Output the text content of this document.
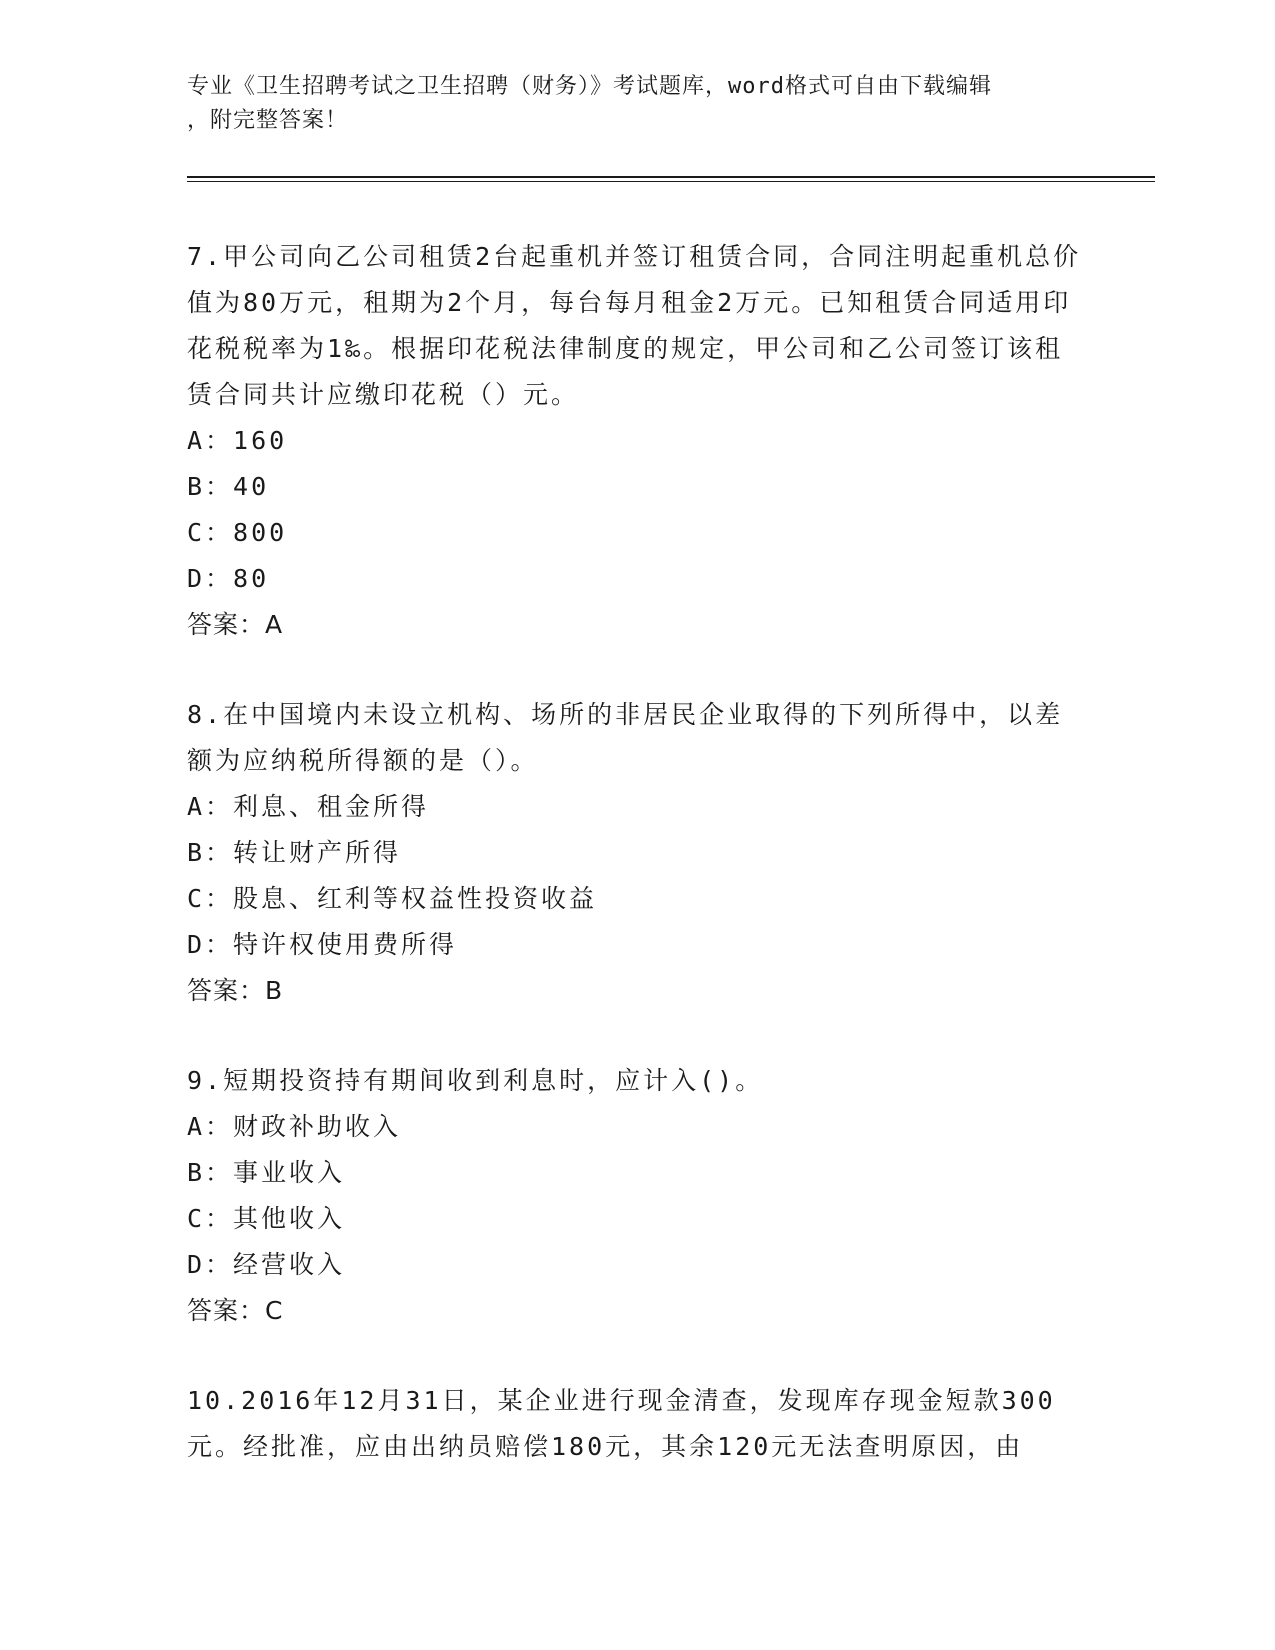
专业《卫生招聘考试之卫生招聘（财务）》考试题库，word格式可自由下载编辑
，附完整答案！

7.甲公司向乙公司租赁2台起重机并签订租赁合同，合同注明起重机总价值为80万元，租期为2个月，每台每月租金2万元。已知租赁合同适用印花税税率为1‰。根据印花税法律制度的规定，甲公司和乙公司签订该租赁合同共计应缴印花税（）元。

A：160

B：40

C：800

D：80

答案：A

8.在中国境内未设立机构、场所的非居民企业取得的下列所得中，以差额为应纳税所得额的是（）。

A：利息、租金所得

B：转让财产所得

C：股息、红利等权益性投资收益

D：特许权使用费所得

答案：B

9.短期投资持有期间收到利息时，应计入()。

A：财政补助收入

B：事业收入

C：其他收入

D：经营收入

答案：C

10.2016年12月31日，某企业进行现金清查，发现库存现金短款300元。经批准，应由出纳员赔偿180元，其余120元无法查明原因，由
